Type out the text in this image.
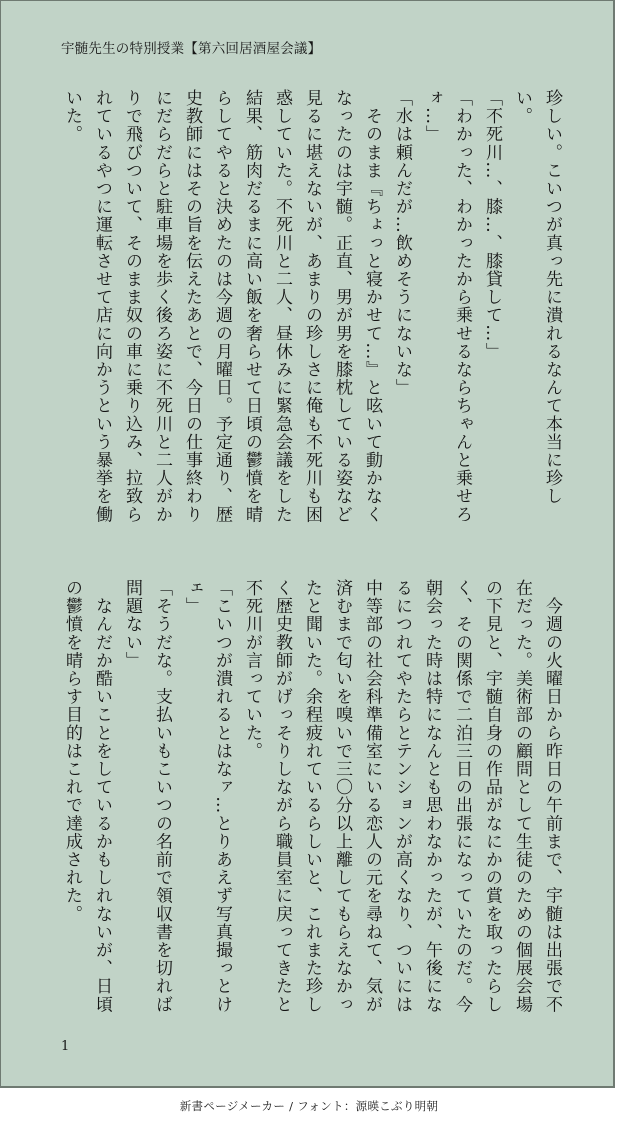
宇髄先生の特別授業【第六回居酒屋会議】
珍しい。こいつが真っ先に潰れるなんて本当に珍し
い。
「不死川…、膝…、膝貸して…」
「わかった、わかったから乗せるならちゃんと乗せろ
ォ…」
「水は頼んだが…飲めそうにないな」
　そのまま『ちょっと寝かせて…』と呟いて動かなく
なったのは宇髄。正直、男が男を膝枕している姿など
見るに堪えないが、あまりの珍しさに俺も不死川も困
惑していた。不死川と二人、昼休みに緊急会議をした
結果、筋肉だるまに高い飯を奢らせて日頃の鬱憤を晴
らしてやると決めたのは今週の月曜日。予定通り、歴
史教師にはその旨を伝えたあとで、今日の仕事終わり
にだらだらと駐車場を歩く後ろ姿に不死川と二人がか
りで飛びついて、そのまま奴の車に乗り込み、拉致ら
れているやつに運転させて店に向かうという暴挙を働
いた。
　今週の火曜日から昨日の午前まで、宇髄は出張で不
在だった。美術部の顧問として生徒のための個展会場
の下見と、宇髄自身の作品がなにかの賞を取ったらし
く、その関係で二泊三日の出張になっていたのだ。今
朝会った時は特になんとも思わなかったが、午後にな
るにつれてやたらとテンションが高くなり、ついには
中等部の社会科準備室にいる恋人の元を尋ねて、気が
済むまで匂いを嗅いで三〇分以上離してもらえなかっ
たと聞いた。余程疲れているらしいと、これまた珍し
く歴史教師がげっそりしながら職員室に戻ってきたと
不死川が言っていた。
「こいつが潰れるとはなァ…とりあえず写真撮っとけ
ェ」
「そうだな。支払いもこいつの名前で領収書を切れば
問題ない」
　なんだか酷いことをしているかもしれないが、日頃
の鬱憤を晴らす目的はこれで達成された。
1
新書ページメーカー / フォント：源暎こぶり明朝
